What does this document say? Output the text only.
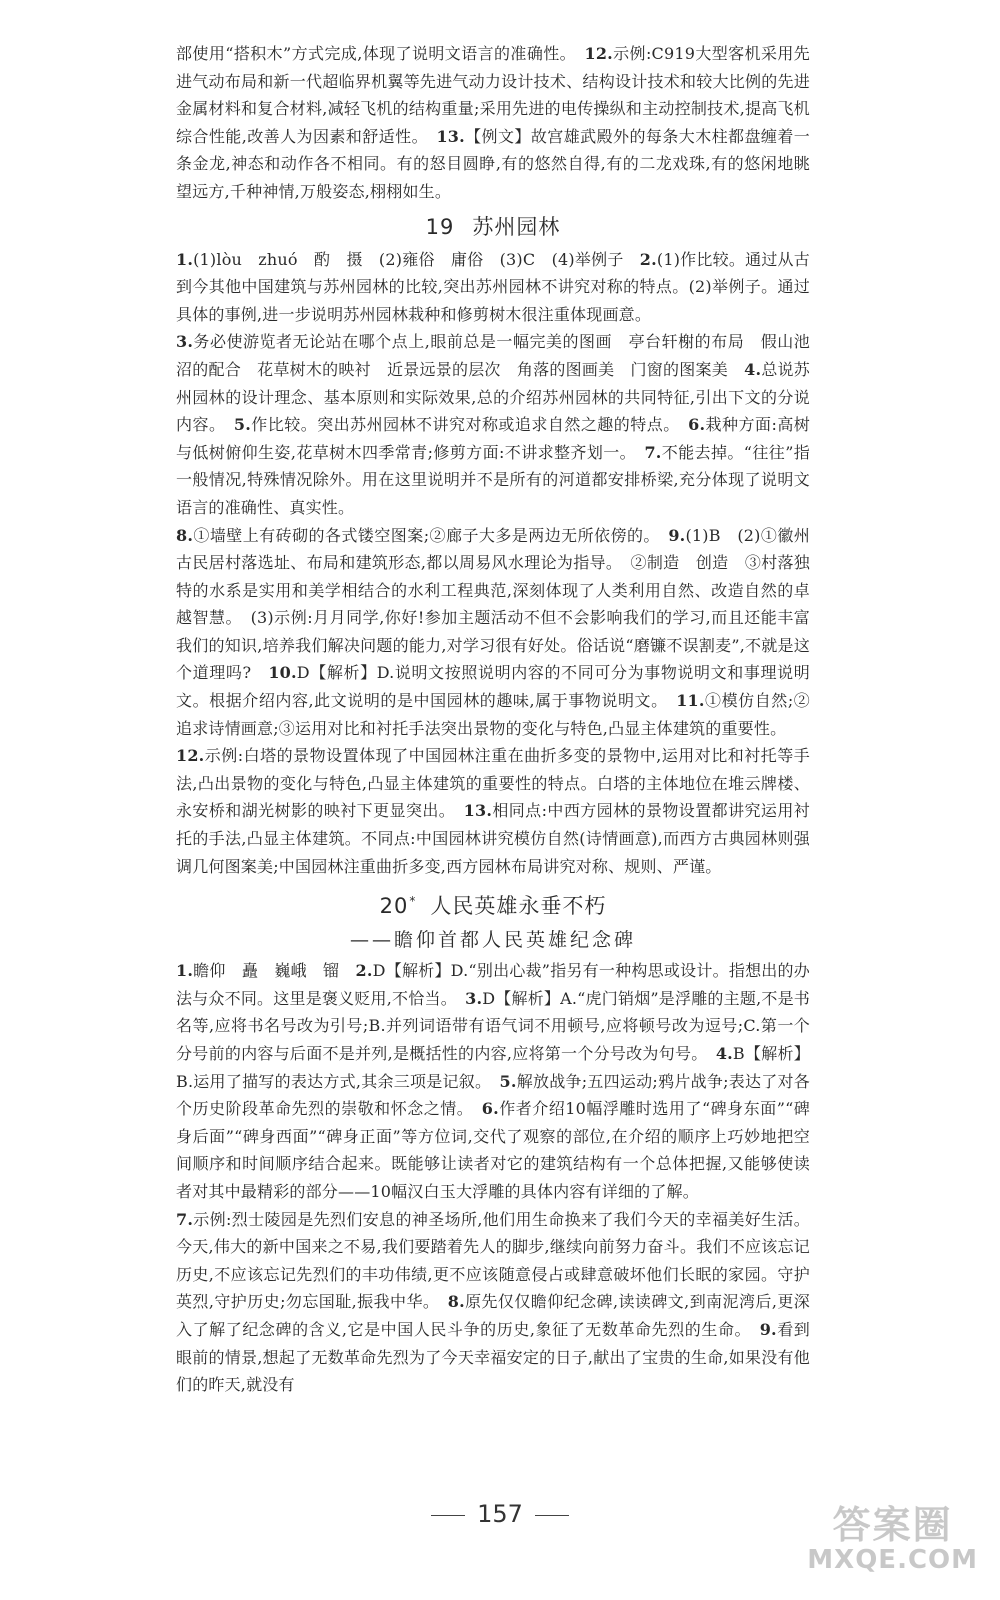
部使用“搭积木”方式完成,体现了说明文语言的准确性。　12.示例:C919大型客机采用先进气动布局和新一代超临界机翼等先进气动力设计技术、结构设计技术和较大比例的先进金属材料和复合材料,减轻飞机的结构重量;采用先进的电传操纵和主动控制技术,提高飞机综合性能,改善人为因素和舒适性。　13.【例文】故宫雄武殿外的每条大木柱都盘缠着一条金龙,神态和动作各不相同。有的怒目圆睁,有的悠然自得,有的二龙戏珠,有的悠闲地眺望远方,千种神情,万般姿态,栩栩如生。

19 苏州园林

1.(1)lòu　zhuó　酌　摄　(2)雍俗　庸俗　(3)C　(4)举例子　2.(1)作比较。通过从古到今其他中国建筑与苏州园林的比较,突出苏州园林不讲究对称的特点。(2)举例子。通过具体的事例,进一步说明苏州园林栽种和修剪树木很注重体现画意。

3.务必使游览者无论站在哪个点上,眼前总是一幅完美的图画　亭台轩榭的布局　假山池沼的配合　花草树木的映衬　近景远景的层次　角落的图画美　门窗的图案美　4.总说苏州园林的设计理念、基本原则和实际效果,总的介绍苏州园林的共同特征,引出下文的分说内容。　5.作比较。突出苏州园林不讲究对称或追求自然之趣的特点。　6.栽种方面:高树与低树俯仰生姿,花草树木四季常青;修剪方面:不讲求整齐划一。　7.不能去掉。“往往”指一般情况,特殊情况除外。用在这里说明并不是所有的河道都安排桥梁,充分体现了说明文语言的准确性、真实性。

8.①墙壁上有砖砌的各式镂空图案;②廊子大多是两边无所依傍的。　9.(1)B　(2)①徽州古民居村落选址、布局和建筑形态,都以周易风水理论为指导。　②制造　创造　③村落独特的水系是实用和美学相结合的水利工程典范,深刻体现了人类利用自然、改造自然的卓越智慧。　(3)示例:月月同学,你好!参加主题活动不但不会影响我们的学习,而且还能丰富我们的知识,培养我们解决问题的能力,对学习很有好处。俗话说“磨镰不误割麦”,不就是这个道理吗?　10.D【解析】D.说明文按照说明内容的不同可分为事物说明文和事理说明文。根据介绍内容,此文说明的是中国园林的趣味,属于事物说明文。　11.①模仿自然;②追求诗情画意;③运用对比和衬托手法突出景物的变化与特色,凸显主体建筑的重要性。

12.示例:白塔的景物设置体现了中国园林注重在曲折多变的景物中,运用对比和衬托等手法,凸出景物的变化与特色,凸显主体建筑的重要性的特点。白塔的主体地位在堆云牌楼、永安桥和湖光树影的映衬下更显突出。　13.相同点:中西方园林的景物设置都讲究运用衬托的手法,凸显主体建筑。不同点:中国园林讲究模仿自然(诗情画意),而西方古典园林则强调几何图案美;中国园林注重曲折多变,西方园林布局讲究对称、规则、严谨。

20* 人民英雄永垂不朽
——瞻仰首都人民英雄纪念碑

1.瞻仰　矗　巍峨　镏　2.D【解析】D.“别出心裁”指另有一种构思或设计。指想出的办法与众不同。这里是褒义贬用,不恰当。　3.D【解析】A.“虎门销烟”是浮雕的主题,不是书名等,应将书名号改为引号;B.并列词语带有语气词不用顿号,应将顿号改为逗号;C.第一个分号前的内容与后面不是并列,是概括性的内容,应将第一个分号改为句号。　4.B【解析】B.运用了描写的表达方式,其余三项是记叙。　5.解放战争;五四运动;鸦片战争;表达了对各个历史阶段革命先烈的崇敬和怀念之情。　6.作者介绍10幅浮雕时选用了“碑身东面”“碑身后面”“碑身西面”“碑身正面”等方位词,交代了观察的部位,在介绍的顺序上巧妙地把空间顺序和时间顺序结合起来。既能够让读者对它的建筑结构有一个总体把握,又能够使读者对其中最精彩的部分——10幅汉白玉大浮雕的具体内容有详细的了解。

7.示例:烈士陵园是先烈们安息的神圣场所,他们用生命换来了我们今天的幸福美好生活。今天,伟大的新中国来之不易,我们要踏着先人的脚步,继续向前努力奋斗。我们不应该忘记历史,不应该忘记先烈们的丰功伟绩,更不应该随意侵占或肆意破坏他们长眠的家园。守护英烈,守护历史;勿忘国耻,振我中华。　8.原先仅仅瞻仰纪念碑,读读碑文,到南泥湾后,更深入了解了纪念碑的含义,它是中国人民斗争的历史,象征了无数革命先烈的生命。　9.看到眼前的情景,想起了无数革命先烈为了今天幸福安定的日子,献出了宝贵的生命,如果没有他们的昨天,就没有

157	答案圈
MXQE.COM
